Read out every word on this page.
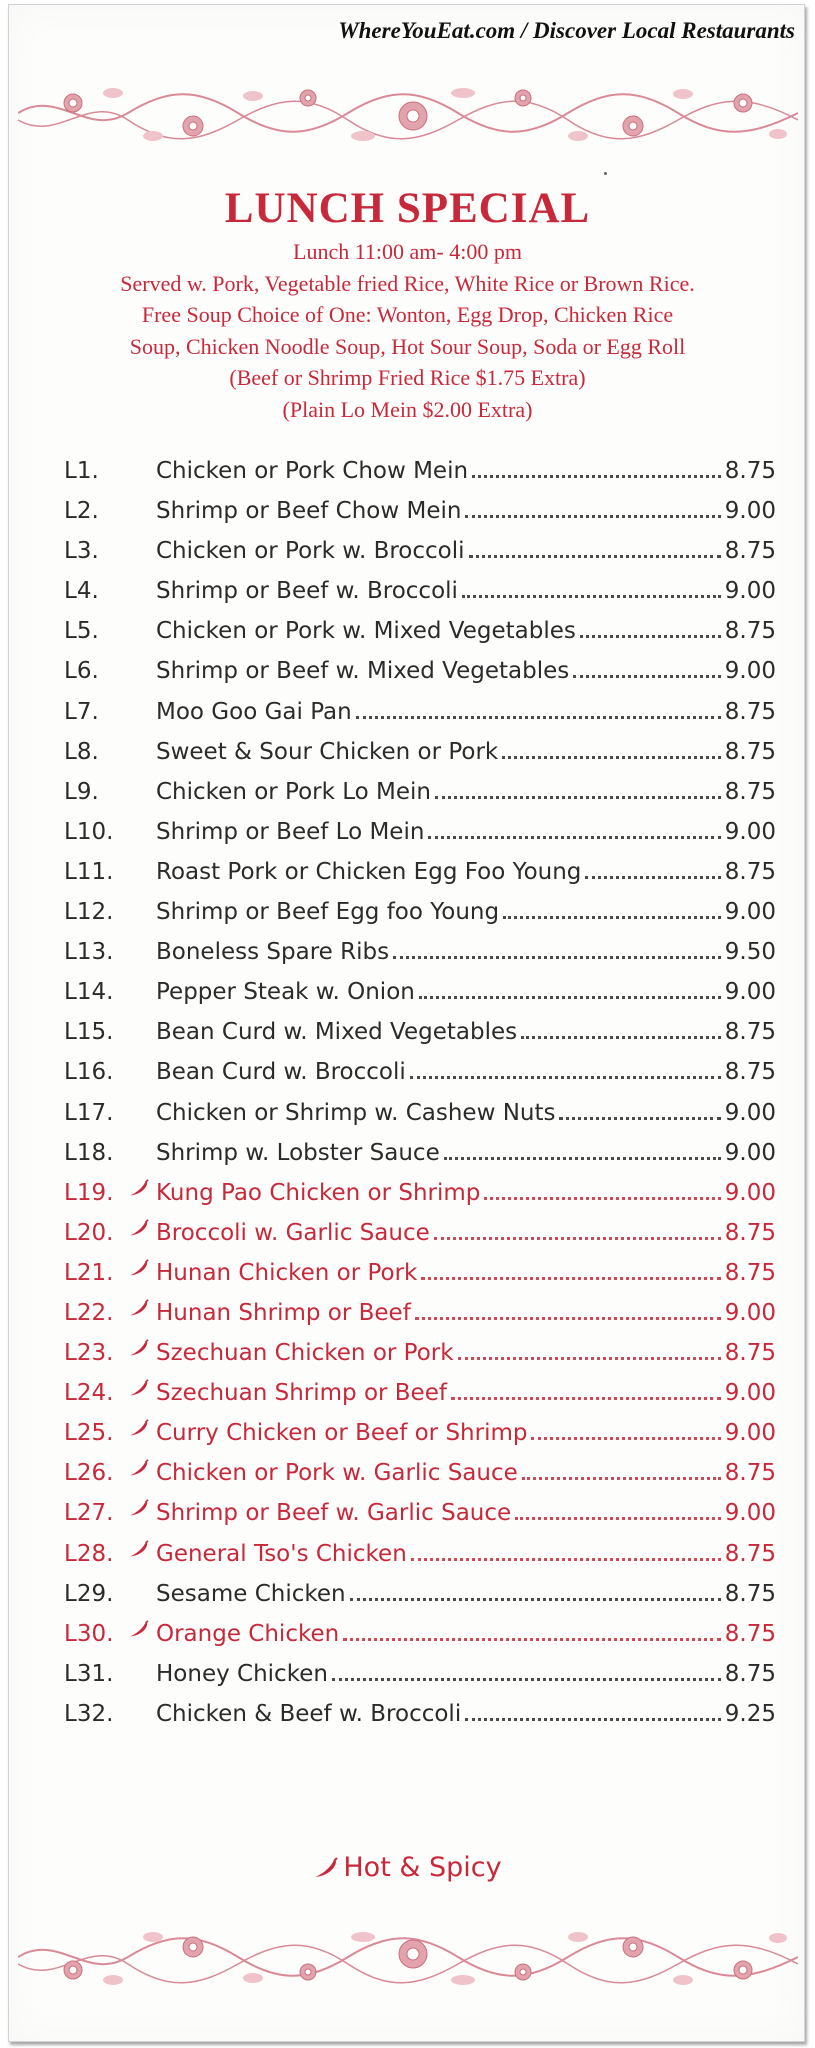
WhereYouEat.com / Discover Local Restaurants
LUNCH SPECIAL
Lunch 11:00 am- 4:00 pm
Served w. Pork, Vegetable fried Rice, White Rice or Brown Rice.
Free Soup Choice of One: Wonton, Egg Drop, Chicken Rice
Soup, Chicken Noodle Soup, Hot Sour Soup, Soda or Egg Roll
(Beef or Shrimp Fried Rice $1.75 Extra)
(Plain Lo Mein $2.00 Extra)
L1.	Chicken or Pork Chow Mein	8.75
L2.	Shrimp or Beef Chow Mein	9.00
L3.	Chicken or Pork w. Broccoli	8.75
L4.	Shrimp or Beef w. Broccoli	9.00
L5.	Chicken or Pork w. Mixed Vegetables	8.75
L6.	Shrimp or Beef w. Mixed Vegetables	9.00
L7.	Moo Goo Gai Pan	8.75
L8.	Sweet & Sour Chicken or Pork	8.75
L9.	Chicken or Pork Lo Mein	8.75
L10.	Shrimp or Beef Lo Mein	9.00
L11.	Roast Pork or Chicken Egg Foo Young	8.75
L12.	Shrimp or Beef Egg foo Young	9.00
L13.	Boneless Spare Ribs	9.50
L14.	Pepper Steak w. Onion	9.00
L15.	Bean Curd w. Mixed Vegetables	8.75
L16.	Bean Curd w. Broccoli	8.75
L17.	Chicken or Shrimp w. Cashew Nuts	9.00
L18.	Shrimp w. Lobster Sauce	9.00
L19.	Kung Pao Chicken or Shrimp	9.00
L20.	Broccoli w. Garlic Sauce	8.75
L21.	Hunan Chicken or Pork	8.75
L22.	Hunan Shrimp or Beef	9.00
L23.	Szechuan Chicken or Pork	8.75
L24.	Szechuan Shrimp or Beef	9.00
L25.	Curry Chicken or Beef or Shrimp	9.00
L26.	Chicken or Pork w. Garlic Sauce	8.75
L27.	Shrimp or Beef w. Garlic Sauce	9.00
L28.	General Tso's Chicken	8.75
L29.	Sesame Chicken	8.75
L30.	Orange Chicken	8.75
L31.	Honey Chicken	8.75
L32.	Chicken & Beef w. Broccoli	9.25
Hot & Spicy
